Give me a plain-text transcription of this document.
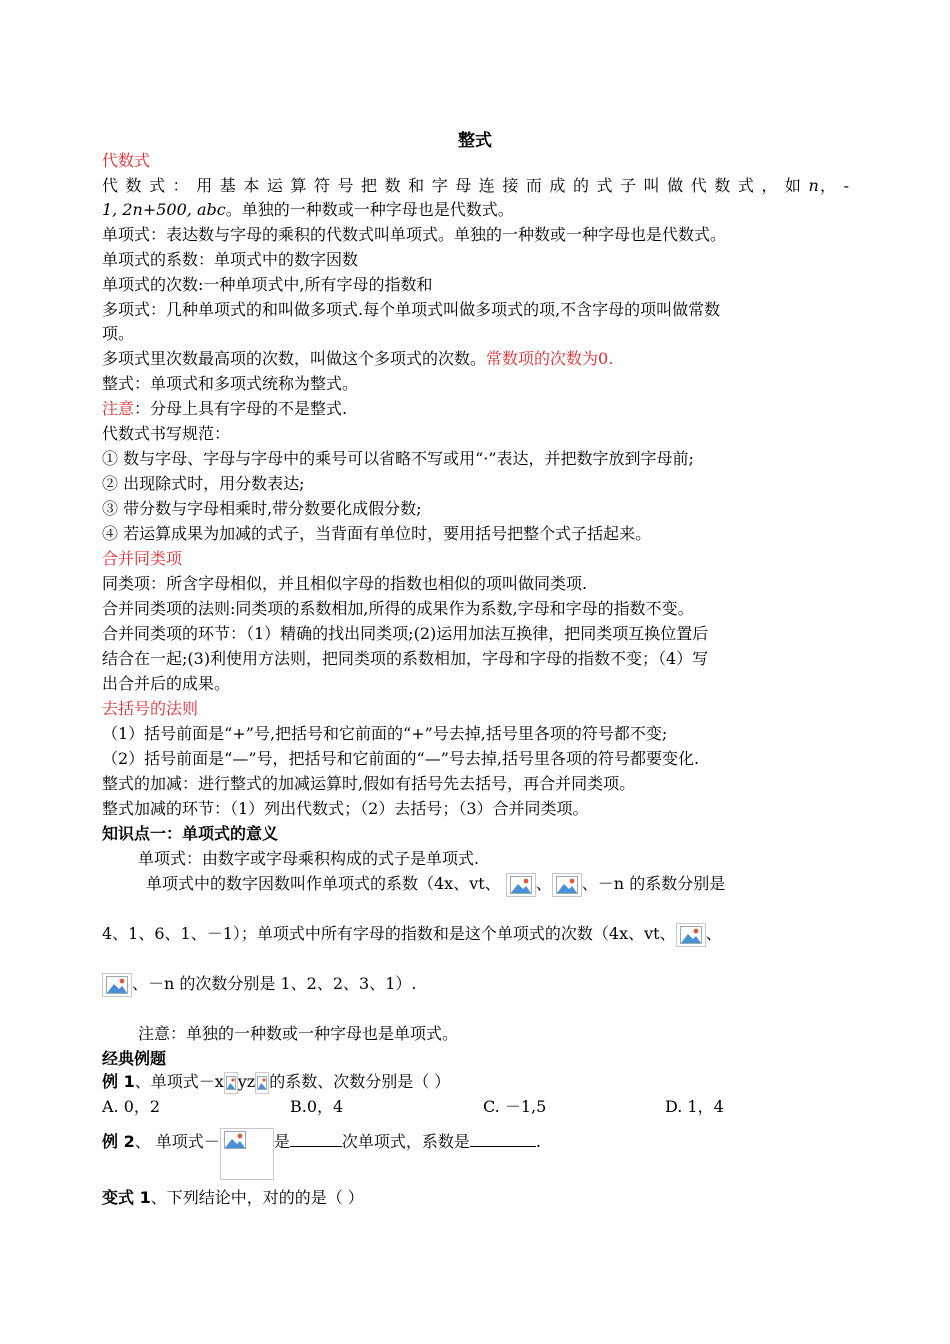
整式
代数式
代 数 式 ： 用 基 本 运 算 符 号 把 数 和 字 母 连 接 而 成 的 式 子 叫 做 代 数 式 ， 如 n， -
1, 2n+500, abc。单独的一种数或一种字母也是代数式。
单项式：表达数与字母的乘积的代数式叫单项式。单独的一种数或一种字母也是代数式。
单项式的系数：单项式中的数字因数
单项式的次数:一种单项式中,所有字母的指数和
多项式：几种单项式的和叫做多项式.每个单项式叫做多项式的项,不含字母的项叫做常数
项。
多项式里次数最高项的次数，叫做这个多项式的次数。常数项的次数为0.
整式：单项式和多项式统称为整式。
注意：分母上具有字母的不是整式.
代数式书写规范：
① 数与字母、字母与字母中的乘号可以省略不写或用“·”表达，并把数字放到字母前;
② 出现除式时，用分数表达;
③ 带分数与字母相乘时,带分数要化成假分数;
④ 若运算成果为加减的式子，当背面有单位时，要用括号把整个式子括起来。
合并同类项
同类项：所含字母相似，并且相似字母的指数也相似的项叫做同类项.
合并同类项的法则:同类项的系数相加,所得的成果作为系数,字母和字母的指数不变。
合并同类项的环节：（1）精确的找出同类项;(2)运用加法互换律，把同类项互换位置后
结合在一起;(3)利使用方法则，把同类项的系数相加，字母和字母的指数不变；（4）写
出合并后的成果。
去括号的法则
（1）括号前面是“+”号,把括号和它前面的“+”号去掉,括号里各项的符号都不变;
（2）括号前面是“—”号，把括号和它前面的“—”号去掉,括号里各项的符号都要变化.
整式的加减：进行整式的加减运算时,假如有括号先去括号，再合并同类项。
整式加减的环节：（1）列出代数式；（2）去括号；（3）合并同类项。
知识点一：单项式的意义
单项式：由数字或字母乘积构成的式子是单项式.
单项式中的数字因数叫作单项式的系数（4x、vt、 、 、－n 的系数分别是
4、1、6、1、－1）；单项式中所有字母的指数和是这个单项式的次数（4x、vt、 、
、－n 的次数分别是 1、2、2、3、1）.
注意：单独的一种数或一种字母也是单项式。
经典例题
例 1、单项式－x yz 的系数、次数分别是（ ）
A. 0，2	B.0，4	C. －1,5	D. 1，4
例 2、 单项式－	是	次单项式，系数是	.
变式 1、下列结论中，对的的是（ ）
